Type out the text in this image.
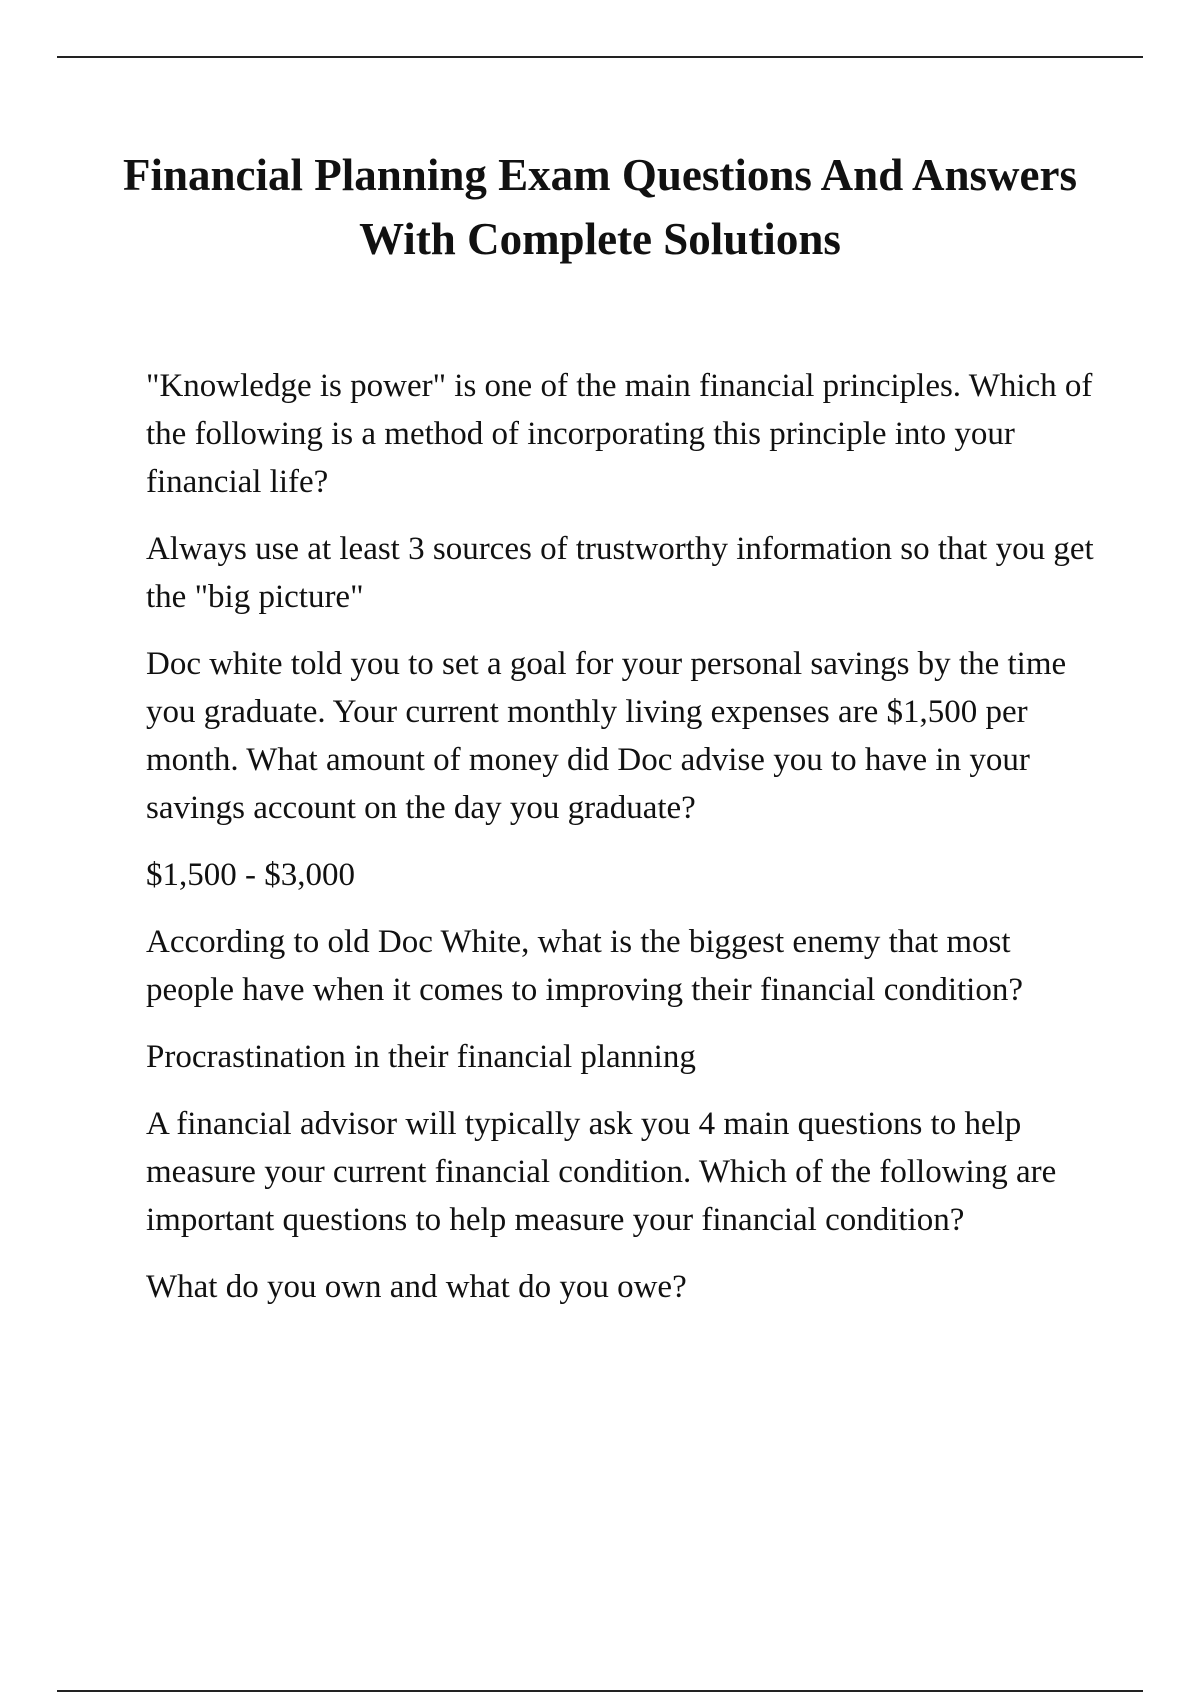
Financial Planning Exam Questions And Answers With Complete Solutions

"Knowledge is power" is one of the main financial principles. Which of the following is a method of incorporating this principle into your financial life?

Always use at least 3 sources of trustworthy information so that you get the "big picture"

Doc white told you to set a goal for your personal savings by the time you graduate. Your current monthly living expenses are $1,500 per month. What amount of money did Doc advise you to have in your savings account on the day you graduate?

$1,500 - $3,000

According to old Doc White, what is the biggest enemy that most people have when it comes to improving their financial condition?

Procrastination in their financial planning

A financial advisor will typically ask you 4 main questions to help measure your current financial condition. Which of the following are important questions to help measure your financial condition?

What do you own and what do you owe?
